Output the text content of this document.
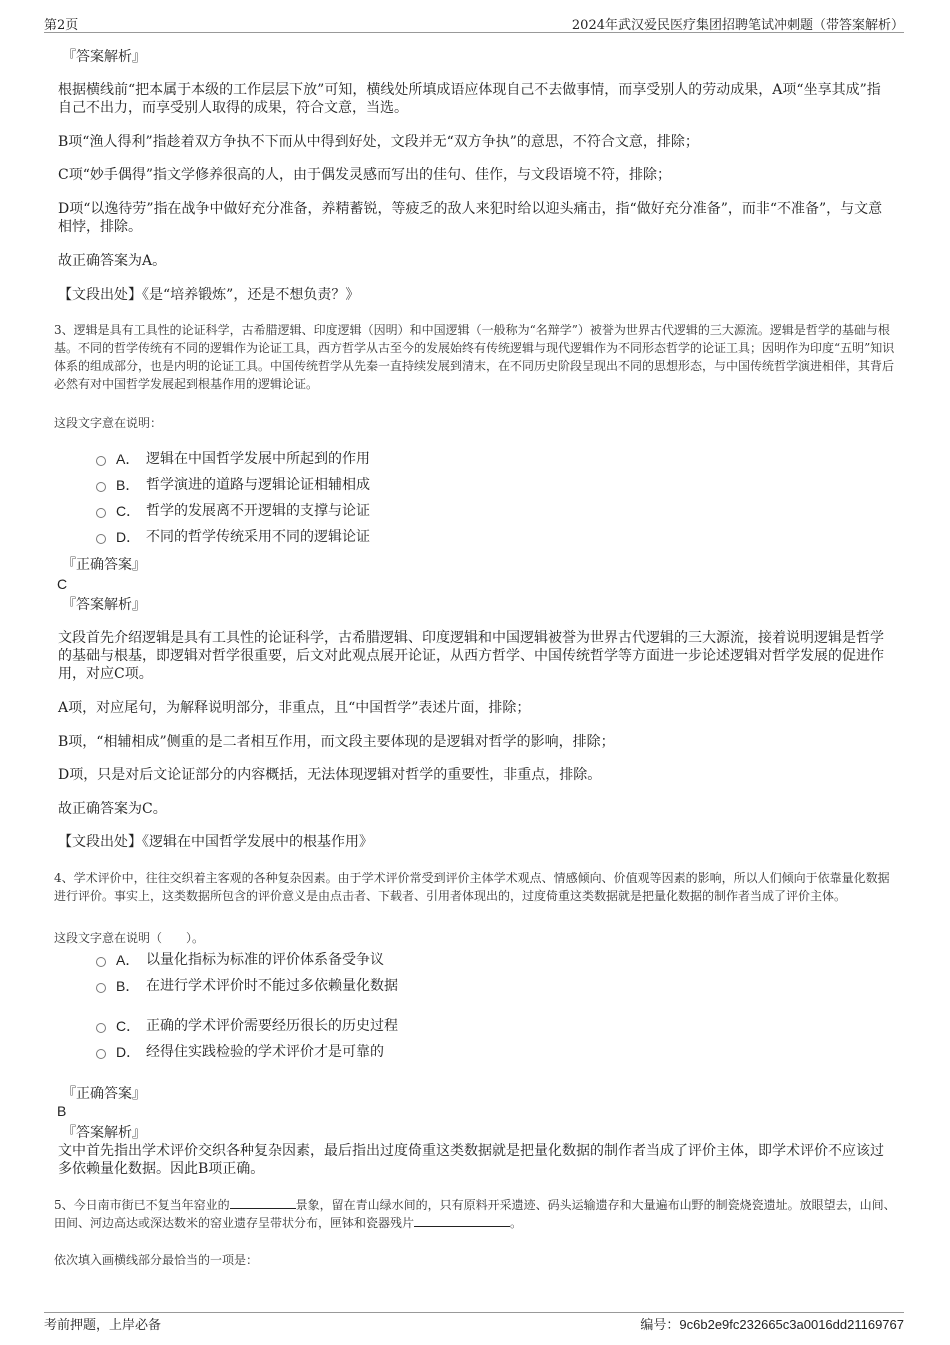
第2页	2024年武汉爱民医疗集团招聘笔试冲刺题（带答案解析）
『答案解析』

根据横线前“把本属于本级的工作层层下放”可知，横线处所填成语应体现自己不去做事情，而享受别人的劳动成果，A项“坐享其成”指自己不出力，而享受别人取得的成果，符合文意，当选。

B项“渔人得利”指趁着双方争执不下而从中得到好处，文段并无“双方争执”的意思，不符合文意，排除；

C项“妙手偶得”指文学修养很高的人，由于偶发灵感而写出的佳句、佳作，与文段语境不符，排除；

D项“以逸待劳”指在战争中做好充分准备，养精蓄锐，等疲乏的敌人来犯时给以迎头痛击，指“做好充分准备”，而非“不准备”，与文意相悖，排除。

故正确答案为A。

【文段出处】《是“培养锻炼”，还是不想负责？》

3、逻辑是具有工具性的论证科学，古希腊逻辑、印度逻辑（因明）和中国逻辑（一般称为“名辩学”）被誉为世界古代逻辑的三大源流。逻辑是哲学的基础与根基。不同的哲学传统有不同的逻辑作为论证工具，西方哲学从古至今的发展始终有传统逻辑与现代逻辑作为不同形态哲学的论证工具；因明作为印度“五明”知识体系的组成部分，也是内明的论证工具。中国传统哲学从先秦一直持续发展到清末，在不同历史阶段呈现出不同的思想形态，与中国传统哲学演进相伴，其背后必然有对中国哲学发展起到根基作用的逻辑论证。

这段文字意在说明：

A． 逻辑在中国哲学发展中所起到的作用
B． 哲学演进的道路与逻辑论证相辅相成
C． 哲学的发展离不开逻辑的支撑与论证
D． 不同的哲学传统采用不同的逻辑论证
『正确答案』
C
『答案解析』

文段首先介绍逻辑是具有工具性的论证科学，古希腊逻辑、印度逻辑和中国逻辑被誉为世界古代逻辑的三大源流，接着说明逻辑是哲学的基础与根基，即逻辑对哲学很重要，后文对此观点展开论证，从西方哲学、中国传统哲学等方面进一步论述逻辑对哲学发展的促进作用，对应C项。

A项，对应尾句，为解释说明部分，非重点，且“中国哲学”表述片面，排除；

B项，“相辅相成”侧重的是二者相互作用，而文段主要体现的是逻辑对哲学的影响，排除；

D项，只是对后文论证部分的内容概括，无法体现逻辑对哲学的重要性，非重点，排除。

故正确答案为C。

【文段出处】《逻辑在中国哲学发展中的根基作用》

4、学术评价中，往往交织着主客观的各种复杂因素。由于学术评价常受到评价主体学术观点、情感倾向、价值观等因素的影响，所以人们倾向于依靠量化数据进行评价。事实上，这类数据所包含的评价意义是由点击者、下载者、引用者体现出的，过度倚重这类数据就是把量化数据的制作者当成了评价主体。

这段文字意在说明（　　）。

A． 以量化指标为标准的评价体系备受争议
B． 在进行学术评价时不能过多依赖量化数据
C． 正确的学术评价需要经历很长的历史过程
D． 经得住实践检验的学术评价才是可靠的
『正确答案』
B
『答案解析』

文中首先指出学术评价交织各种复杂因素，最后指出过度倚重这类数据就是把量化数据的制作者当成了评价主体，即学术评价不应该过多依赖量化数据。因此B项正确。

5、今日南市街已不复当年窑业的	景象，留在青山绿水间的，只有原料开采遗迹、码头运输遗存和大量遍布山野的制瓷烧瓷遗址。放眼望去，山间、田间、河边高达或深达数米的窑业遗存呈带状分布，匣钵和瓷器残片	。

依次填入画横线部分最恰当的一项是：

考前押题，上岸必备	编号：9c6b2e9fc232665c3a0016dd21169767
